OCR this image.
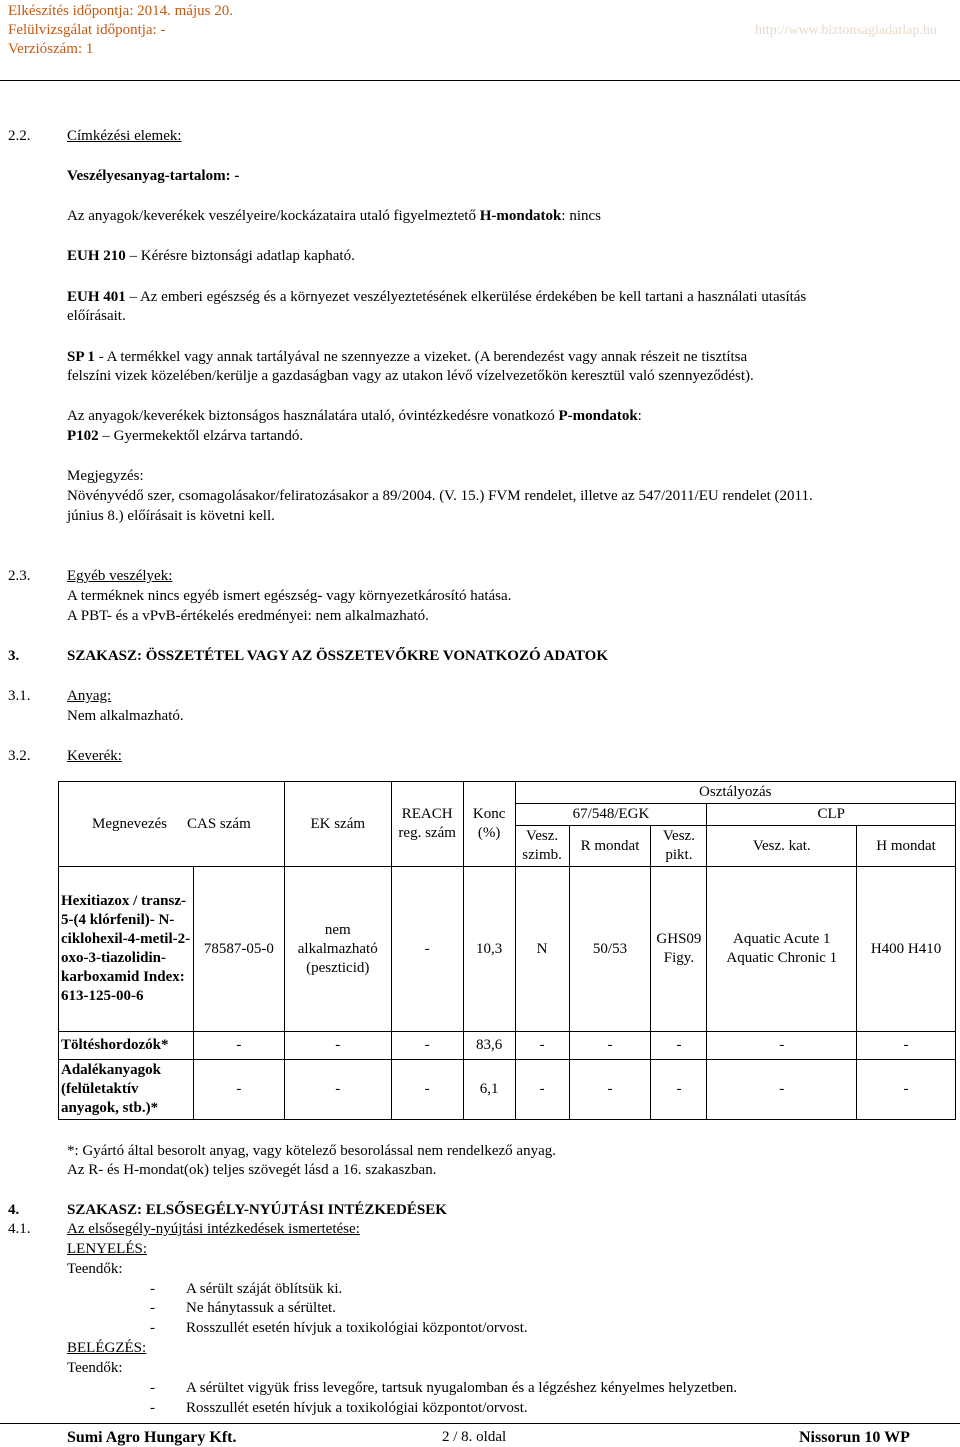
Elkészítés időpontja: 2014. május 20.
Felülvizsgálat időpontja: -
Verziószám: 1
http://www.biztonsagiadatlap.hu
2.2. Címkézési elemek:
Veszélyesanyag-tartalom: -
Az anyagok/keverékek veszélyeire/kockázataira utaló figyelmeztető H-mondatok: nincs
EUH 210 – Kérésre biztonsági adatlap kapható.
EUH 401 – Az emberi egészség és a környezet veszélyeztetésének elkerülése érdekében be kell tartani a használati utasítás
előírásait.
SP 1 - A termékkel vagy annak tartályával ne szennyezze a vizeket. (A berendezést vagy annak részeit ne tisztítsa
felszíni vizek közelében/kerülje a gazdaságban vagy az utakon lévő vízelvezetőkön keresztül való szennyeződést).
Az anyagok/keverékek biztonságos használatára utaló, óvintézkedésre vonatkozó P-mondatok:
P102 – Gyermekektől elzárva tartandó.
Megjegyzés:
Növényvédő szer, csomagolásakor/feliratozásakor a 89/2004. (V. 15.) FVM rendelet, illetve az 547/2011/EU rendelet (2011.
június 8.) előírásait is követni kell.
2.3. Egyéb veszélyek:
A terméknek nincs egyéb ismert egészség- vagy környezetkárosító hatása.
A PBT- és a vPvB-értékelés eredményei: nem alkalmazható.
3.	SZAKASZ: ÖSSZETÉTEL VAGY AZ ÖSSZETEVŐKRE VONATKOZÓ ADATOK
3.1. Anyag:
Nem alkalmazható.
3.2. Keverék:
Megnevezés CAS szám		EK szám	REACH reg. szám	Konc (%)	Osztályozás				
					67/548/EGK			CLP	
					Vesz. szimb.	R mondat	Vesz. pikt.	Vesz. kat.	H mondat
Hexitiazox / transz-5-(4 klórfenil)- N-ciklohexil-4-metil-2-oxo-3-tiazolidin-karboxamid Index: 613-125-00-6	78587-05-0	nem alkalmazható (peszticid)	-	10,3	N	50/53	GHS09 Figy.	Aquatic Acute 1 Aquatic Chronic 1	H400 H410
Töltéshordozók*	-	-	-	83,6	-	-	-	-	-
Adalékanyagok (felületaktív anyagok, stb.)*	-	-	-	6,1	-	-	-	-	-
*: Gyártó által besorolt anyag, vagy kötelező besorolással nem rendelkező anyag.
Az R- és H-mondat(ok) teljes szövegét lásd a 16. szakaszban.
4.	SZAKASZ: ELSŐSEGÉLY-NYÚJTÁSI INTÉZKEDÉSEK
4.1. Az elsősegély-nyújtási intézkedések ismertetése:
LENYELÉS:
Teendők:
- A sérült száját öblítsük ki.
- Ne hánytassuk a sérültet.
- Rosszullét esetén hívjuk a toxikológiai központot/orvost.
BELÉGZÉS:
Teendők:
- A sérültet vigyük friss levegőre, tartsuk nyugalomban és a légzéshez kényelmes helyzetben.
- Rosszullét esetén hívjuk a toxikológiai központot/orvost.
Sumi Agro Hungary Kft.	2 / 8. oldal	Nissorun 10 WP
